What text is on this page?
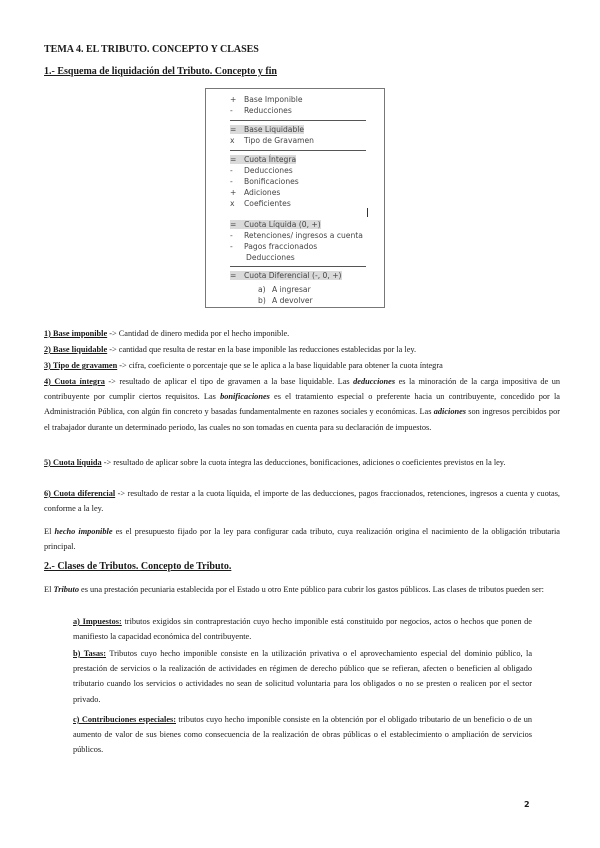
TEMA 4. EL TRIBUTO. CONCEPTO Y CLASES
1.- Esquema de liquidación del Tributo. Concepto y fin
+ Base Imponible
- Reducciones
= Base Liquidable
x Tipo de Gravamen
= Cuota Íntegra
- Deducciones
- Bonificaciones
+ Adiciones
x Coeficientes
= Cuota Líquida (0, +)
- Retenciones/ ingresos a cuenta
- Pagos fraccionados
Deducciones
= Cuota Diferencial (-, 0, +)
a) A ingresar
b) A devolver
1) Base imponible -> Cantidad de dinero medida por el hecho imponible.
2) Base liquidable -> cantidad que resulta de restar en la base imponible las reducciones establecidas por la ley.
3) Tipo de gravamen -> cifra, coeficiente o porcentaje que se le aplica a la base liquidable para obtener la cuota íntegra
4) Cuota íntegra -> resultado de aplicar el tipo de gravamen a la base liquidable. Las deducciones es la minoración de la carga impositiva de un contribuyente por cumplir ciertos requisitos. Las bonificaciones es el tratamiento especial o preferente hacia un contribuyente, concedido por la Administración Pública, con algún fin concreto y basadas fundamentalmente en razones sociales y económicas. Las adiciones son ingresos percibidos por el trabajador durante un determinado periodo, las cuales no son tomadas en cuenta para su declaración de impuestos.
5) Cuota líquida -> resultado de aplicar sobre la cuota íntegra las deducciones, bonificaciones, adiciones o coeficientes previstos en la ley.
6) Cuota diferencial -> resultado de restar a la cuota líquida, el importe de las deducciones, pagos fraccionados, retenciones, ingresos a cuenta y cuotas, conforme a la ley.
El hecho imponible es el presupuesto fijado por la ley para configurar cada tributo, cuya realización origina el nacimiento de la obligación tributaria principal.
2.- Clases de Tributos. Concepto de Tributo.
El Tributo es una prestación pecuniaria establecida por el Estado u otro Ente público para cubrir los gastos públicos. Las clases de tributos pueden ser:
a) Impuestos: tributos exigidos sin contraprestación cuyo hecho imponible está constituido por negocios, actos o hechos que ponen de manifiesto la capacidad económica del contribuyente.
b) Tasas: Tributos cuyo hecho imponible consiste en la utilización privativa o el aprovechamiento especial del dominio público, la prestación de servicios o la realización de actividades en régimen de derecho público que se refieran, afecten o beneficien al obligado tributario cuando los servicios o actividades no sean de solicitud voluntaria para los obligados o no se presten o realicen por el sector privado.
c) Contribuciones especiales: tributos cuyo hecho imponible consiste en la obtención por el obligado tributario de un beneficio o de un aumento de valor de sus bienes como consecuencia de la realización de obras públicas o el establecimiento o ampliación de servicios públicos.
2
